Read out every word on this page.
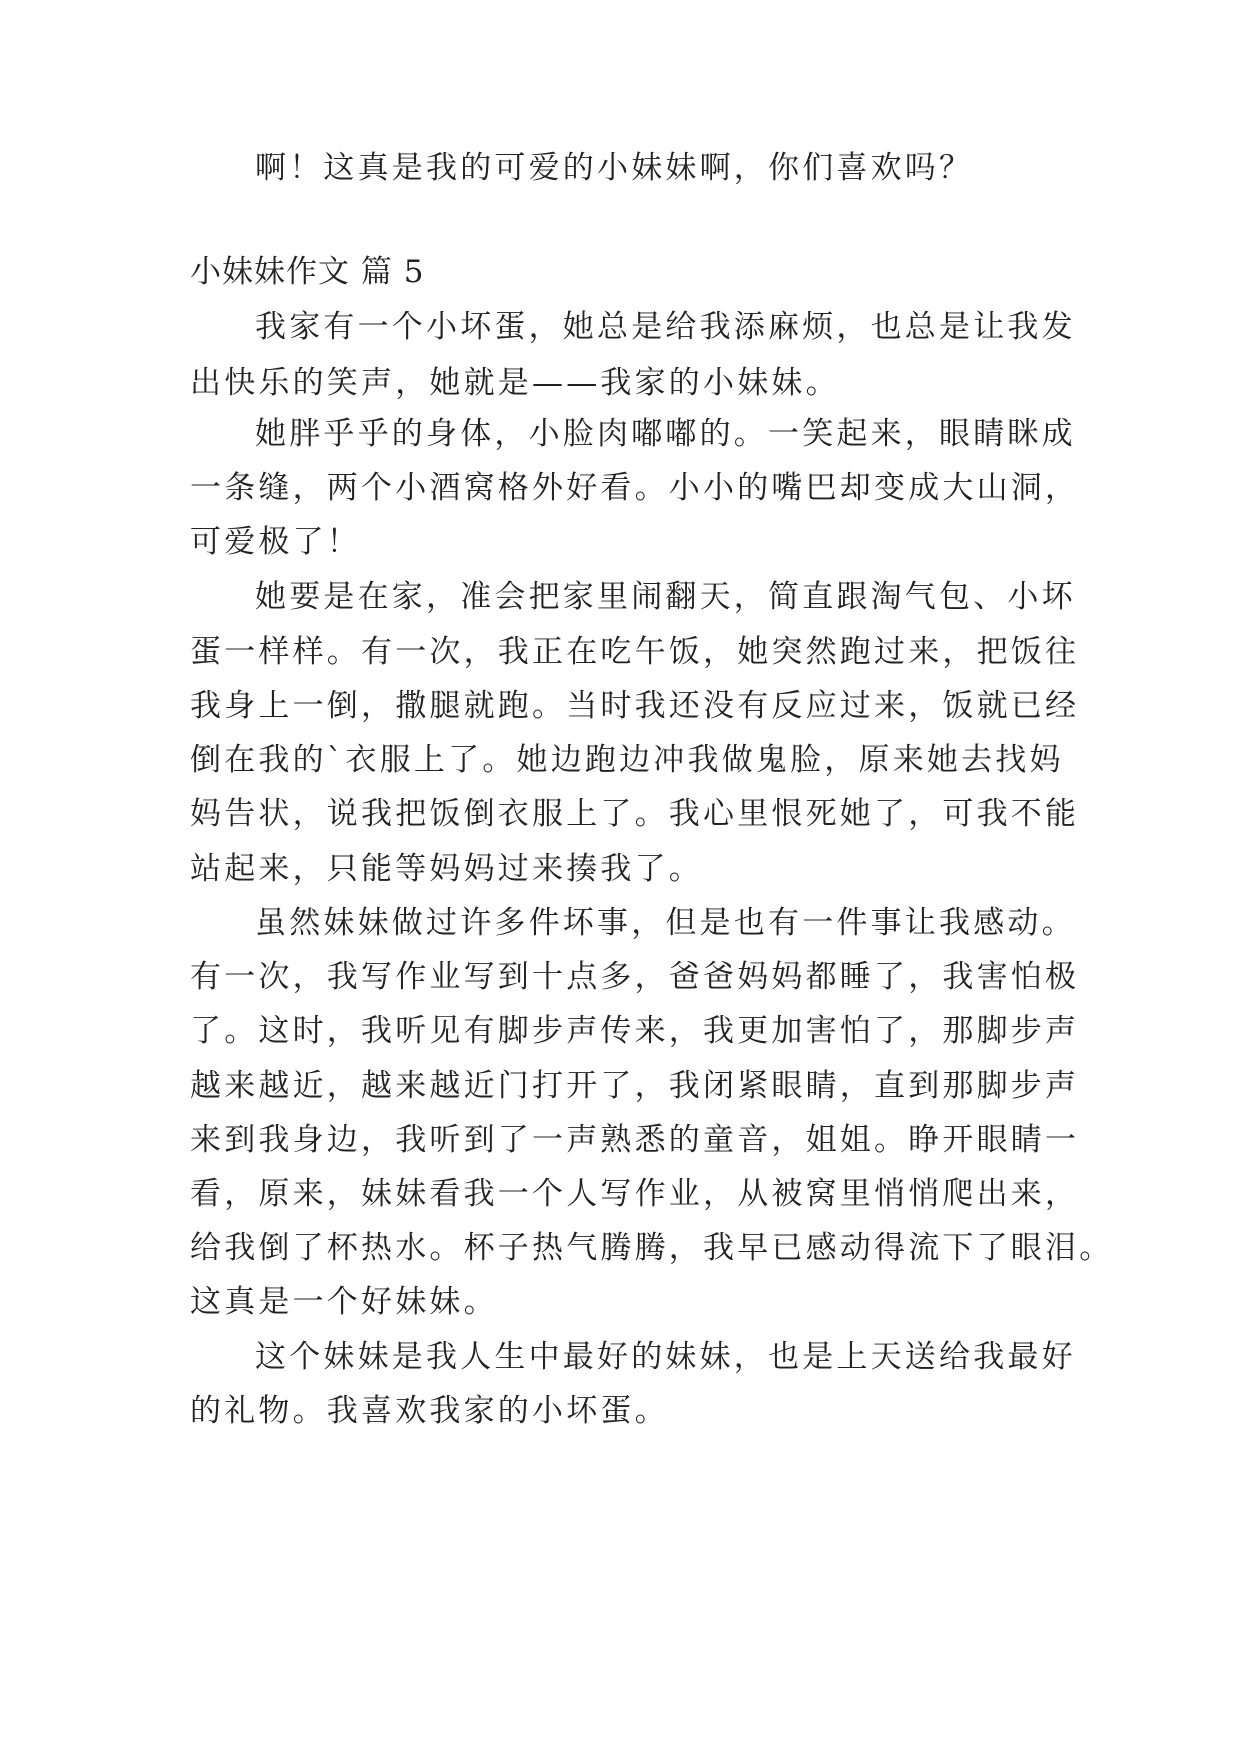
啊！这真是我的可爱的小妹妹啊，你们喜欢吗？
小妹妹作文 篇 5
我家有一个小坏蛋，她总是给我添麻烦，也总是让我发
出快乐的笑声，她就是——我家的小妹妹。
她胖乎乎的身体，小脸肉嘟嘟的。一笑起来，眼睛眯成
一条缝，两个小酒窝格外好看。小小的嘴巴却变成大山洞，
可爱极了！
她要是在家，准会把家里闹翻天，简直跟淘气包、小坏
蛋一样样。有一次，我正在吃午饭，她突然跑过来，把饭往
我身上一倒，撒腿就跑。当时我还没有反应过来，饭就已经
倒在我的`衣服上了。她边跑边冲我做鬼脸，原来她去找妈
妈告状，说我把饭倒衣服上了。我心里恨死她了，可我不能
站起来，只能等妈妈过来揍我了。
虽然妹妹做过许多件坏事，但是也有一件事让我感动。
有一次，我写作业写到十点多，爸爸妈妈都睡了，我害怕极
了。这时，我听见有脚步声传来，我更加害怕了，那脚步声
越来越近，越来越近门打开了，我闭紧眼睛，直到那脚步声
来到我身边，我听到了一声熟悉的童音，姐姐。睁开眼睛一
看，原来，妹妹看我一个人写作业，从被窝里悄悄爬出来，
给我倒了杯热水。杯子热气腾腾，我早已感动得流下了眼泪。
这真是一个好妹妹。
这个妹妹是我人生中最好的妹妹，也是上天送给我最好
的礼物。我喜欢我家的小坏蛋。
